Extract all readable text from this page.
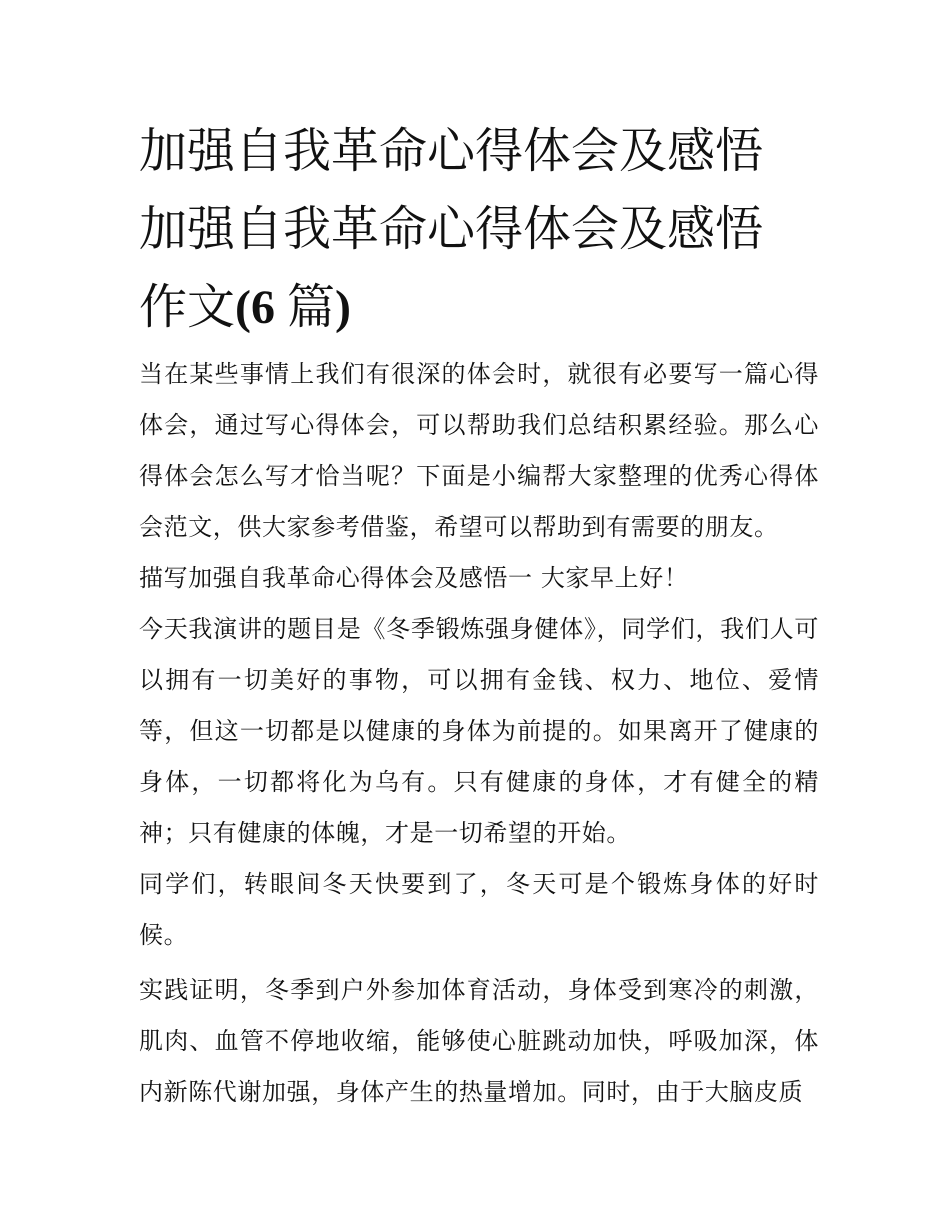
加强自我革命心得体会及感悟
加强自我革命心得体会及感悟
作文(6 篇)

当在某些事情上我们有很深的体会时，就很有必要写一篇心得体会，通过写心得体会，可以帮助我们总结积累经验。那么心得体会怎么写才恰当呢？下面是小编帮大家整理的优秀心得体会范文，供大家参考借鉴，希望可以帮助到有需要的朋友。

描写加强自我革命心得体会及感悟一 大家早上好！

今天我演讲的题目是《冬季锻炼强身健体》，同学们，我们人可以拥有一切美好的事物，可以拥有金钱、权力、地位、爱情等，但这一切都是以健康的身体为前提的。如果离开了健康的身体，一切都将化为乌有。只有健康的身体，才有健全的精神；只有健康的体魄，才是一切希望的开始。

同学们，转眼间冬天快要到了，冬天可是个锻炼身体的好时候。

实践证明，冬季到户外参加体育活动，身体受到寒冷的刺激，肌肉、血管不停地收缩，能够使心脏跳动加快，呼吸加深，体内新陈代谢加强，身体产生的热量增加。同时，由于大脑皮质
